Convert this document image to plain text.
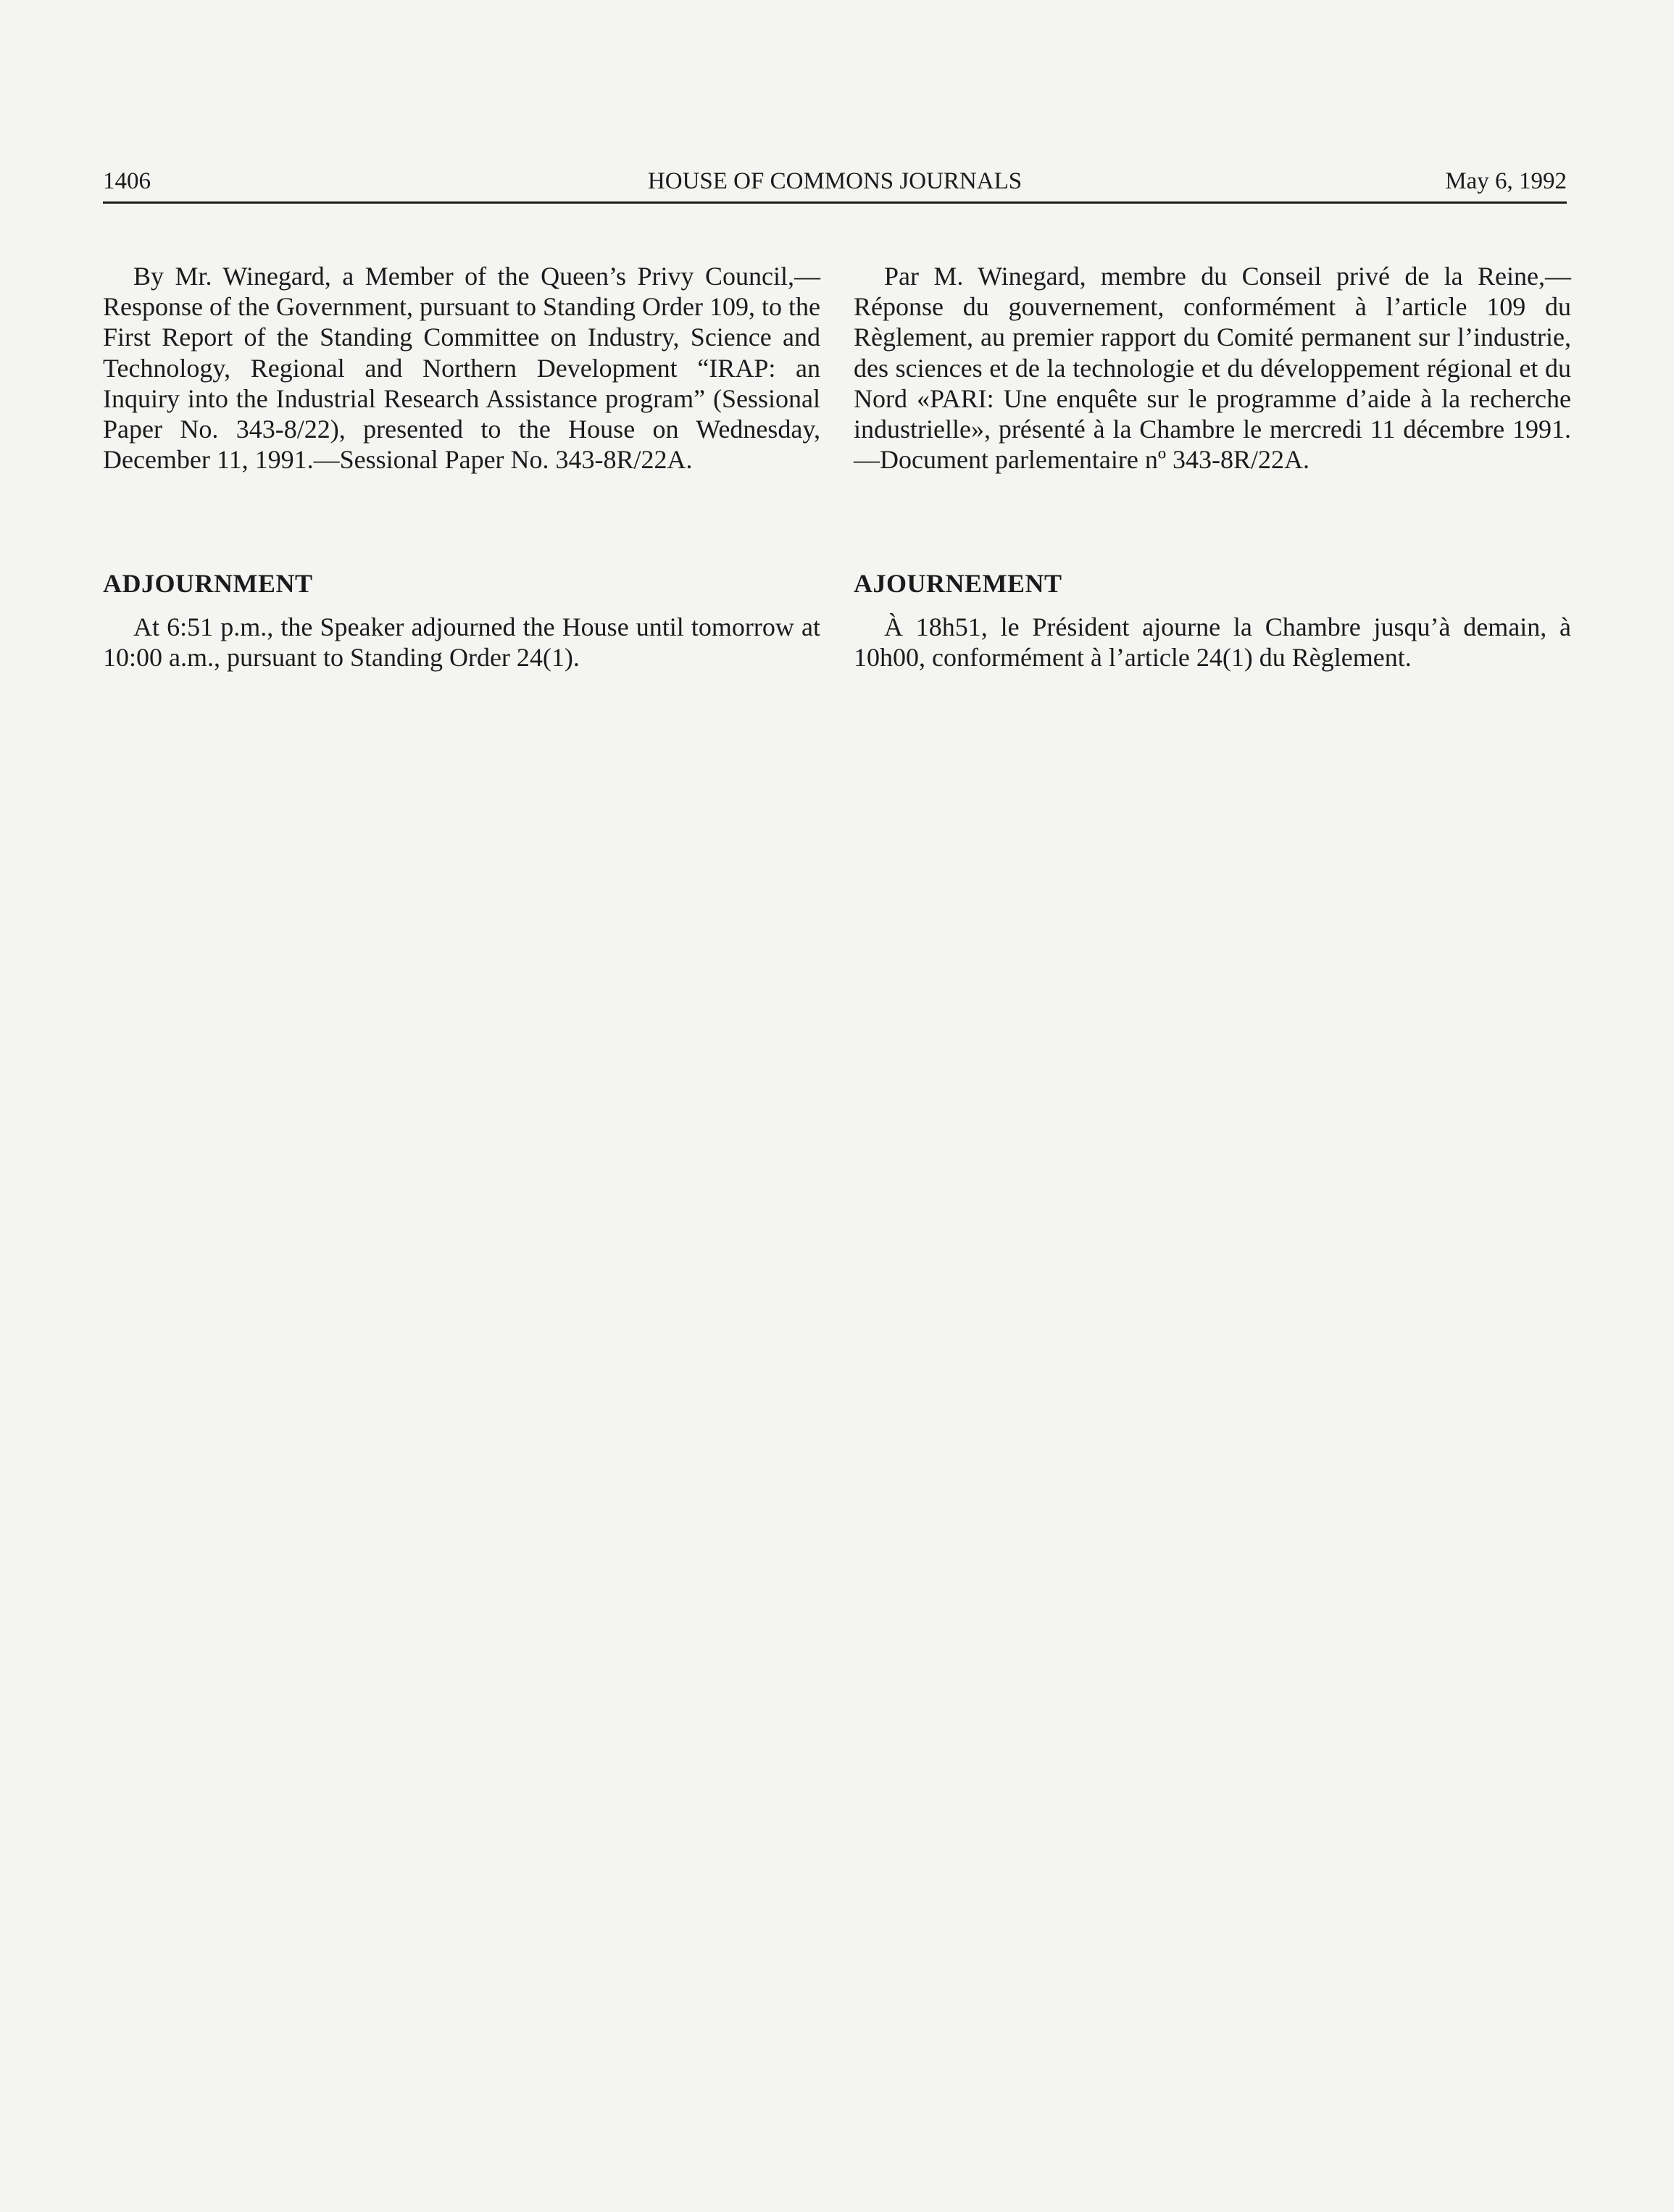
1406	HOUSE OF COMMONS JOURNALS	May 6, 1992

By Mr. Winegard, a Member of the Queen’s Privy Council,—Response of the Government, pursuant to Standing Order 109, to the First Report of the Standing Committee on Industry, Science and Technology, Regional and Northern Development “IRAP: an Inquiry into the Industrial Research Assistance program” (Sessional Paper No. 343-8/22), presented to the House on Wednesday, December 11, 1991.—Sessional Paper No. 343-8R/22A.

ADJOURNMENT

At 6:51 p.m., the Speaker adjourned the House until tomorrow at 10:00 a.m., pursuant to Standing Order 24(1).

Par M. Winegard, membre du Conseil privé de la Reine,—Réponse du gouvernement, conformément à l’article 109 du Règlement, au premier rapport du Comité permanent sur l’industrie, des sciences et de la technologie et du développement régional et du Nord «PARI: Une enquête sur le programme d’aide à la recherche industrielle», présenté à la Chambre le mercredi 11 décembre 1991.—Document parlementaire nº 343-8R/22A.

AJOURNEMENT

À 18h51, le Président ajourne la Chambre jusqu’à demain, à 10h00, conformément à l’article 24(1) du Règlement.
